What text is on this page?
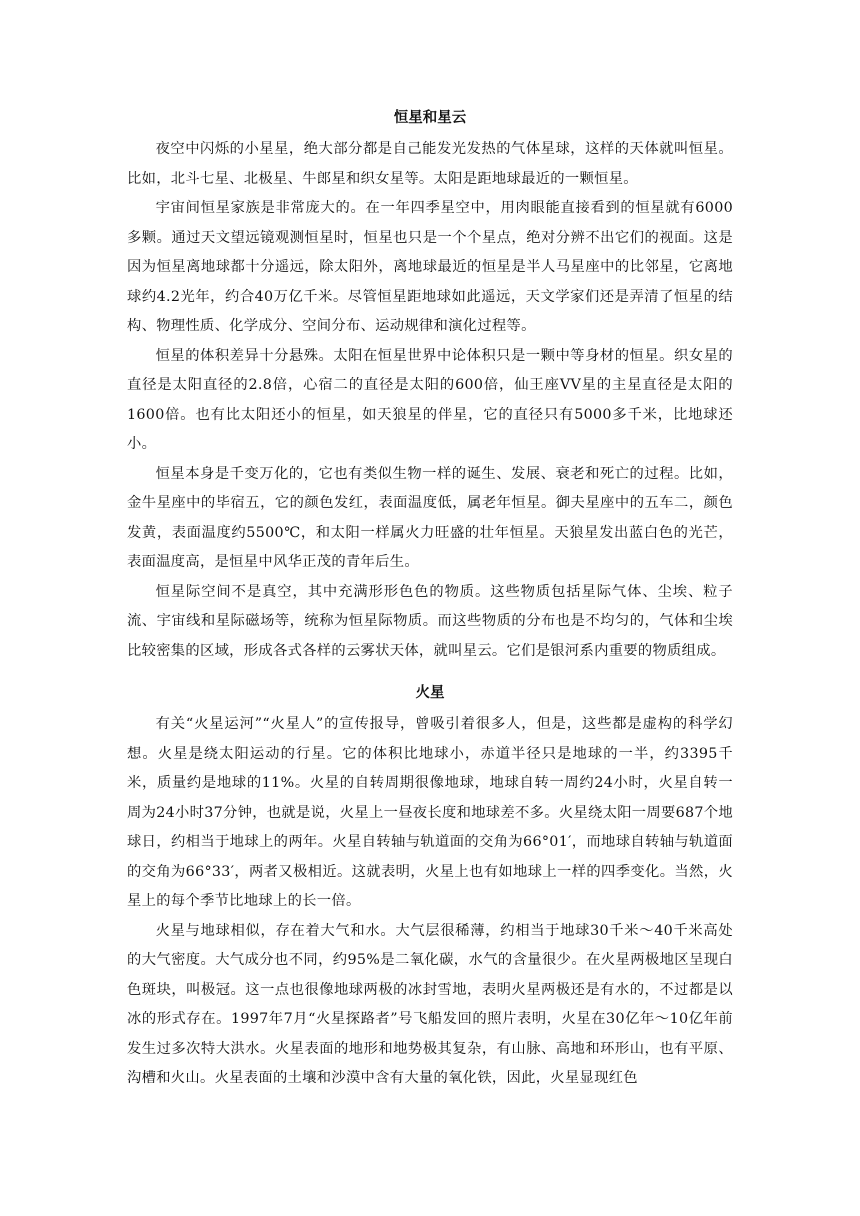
恒星和星云

夜空中闪烁的小星星，绝大部分都是自己能发光发热的气体星球，这样的天体就叫恒星。比如，北斗七星、北极星、牛郎星和织女星等。太阳是距地球最近的一颗恒星。

宇宙间恒星家族是非常庞大的。在一年四季星空中，用肉眼能直接看到的恒星就有6000多颗。通过天文望远镜观测恒星时，恒星也只是一个个星点，绝对分辨不出它们的视面。这是因为恒星离地球都十分遥远，除太阳外，离地球最近的恒星是半人马星座中的比邻星，它离地球约4.2光年，约合40万亿千米。尽管恒星距地球如此遥远，天文学家们还是弄清了恒星的结构、物理性质、化学成分、空间分布、运动规律和演化过程等。

恒星的体积差异十分悬殊。太阳在恒星世界中论体积只是一颗中等身材的恒星。织女星的直径是太阳直径的2.8倍，心宿二的直径是太阳的600倍，仙王座VV星的主星直径是太阳的1600倍。也有比太阳还小的恒星，如天狼星的伴星，它的直径只有5000多千米，比地球还小。

恒星本身是千变万化的，它也有类似生物一样的诞生、发展、衰老和死亡的过程。比如，金牛星座中的毕宿五，它的颜色发红，表面温度低，属老年恒星。御夫星座中的五车二，颜色发黄，表面温度约5500℃，和太阳一样属火力旺盛的壮年恒星。天狼星发出蓝白色的光芒，表面温度高，是恒星中风华正茂的青年后生。

恒星际空间不是真空，其中充满形形色色的物质。这些物质包括星际气体、尘埃、粒子流、宇宙线和星际磁场等，统称为恒星际物质。而这些物质的分布也是不均匀的，气体和尘埃比较密集的区域，形成各式各样的云雾状天体，就叫星云。它们是银河系内重要的物质组成。

火星

有关“火星运河”“火星人”的宣传报导，曾吸引着很多人，但是，这些都是虚构的科学幻想。火星是绕太阳运动的行星。它的体积比地球小，赤道半径只是地球的一半，约3395千米，质量约是地球的11%。火星的自转周期很像地球，地球自转一周约24小时，火星自转一周为24小时37分钟，也就是说，火星上一昼夜长度和地球差不多。火星绕太阳一周要687个地球日，约相当于地球上的两年。火星自转轴与轨道面的交角为66°01′，而地球自转轴与轨道面的交角为66°33′，两者又极相近。这就表明，火星上也有如地球上一样的四季变化。当然，火星上的每个季节比地球上的长一倍。

火星与地球相似，存在着大气和水。大气层很稀薄，约相当于地球30千米～40千米高处的大气密度。大气成分也不同，约95%是二氧化碳，水气的含量很少。在火星两极地区呈现白色斑块，叫极冠。这一点也很像地球两极的冰封雪地，表明火星两极还是有水的，不过都是以冰的形式存在。1997年7月“火星探路者”号飞船发回的照片表明，火星在30亿年～10亿年前发生过多次特大洪水。火星表面的地形和地势极其复杂，有山脉、高地和环形山，也有平原、沟槽和火山。火星表面的土壤和沙漠中含有大量的氧化铁，因此，火星显现红色
